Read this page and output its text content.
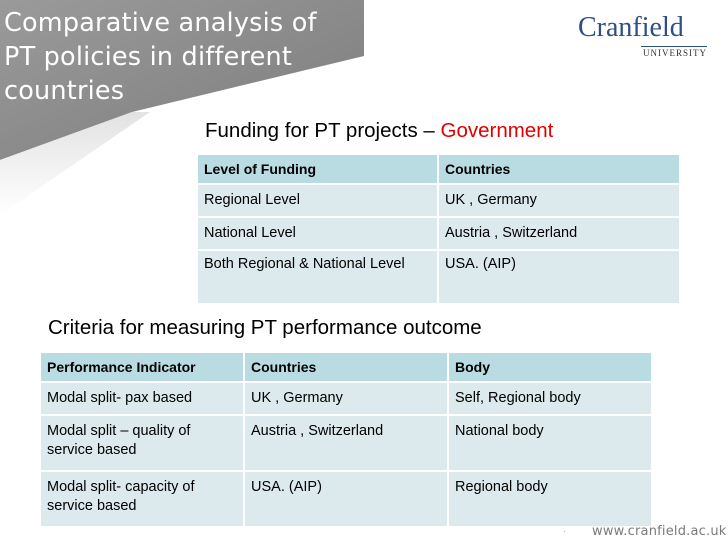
Comparative analysis of PT policies in different countries
Cranfield
UNIVERSITY
Funding for PT projects – Government
Level of Funding	Countries
Regional Level	UK , Germany
National Level	Austria , Switzerland
Both Regional & National Level	USA. (AIP)
Criteria for measuring PT performance outcome
Performance Indicator	Countries	Body
Modal split- pax based	UK , Germany	Self, Regional body
Modal split – quality of service based	Austria , Switzerland	National body
Modal split- capacity of service based	USA. (AIP)	Regional body
. www.cranfield.ac.uk
